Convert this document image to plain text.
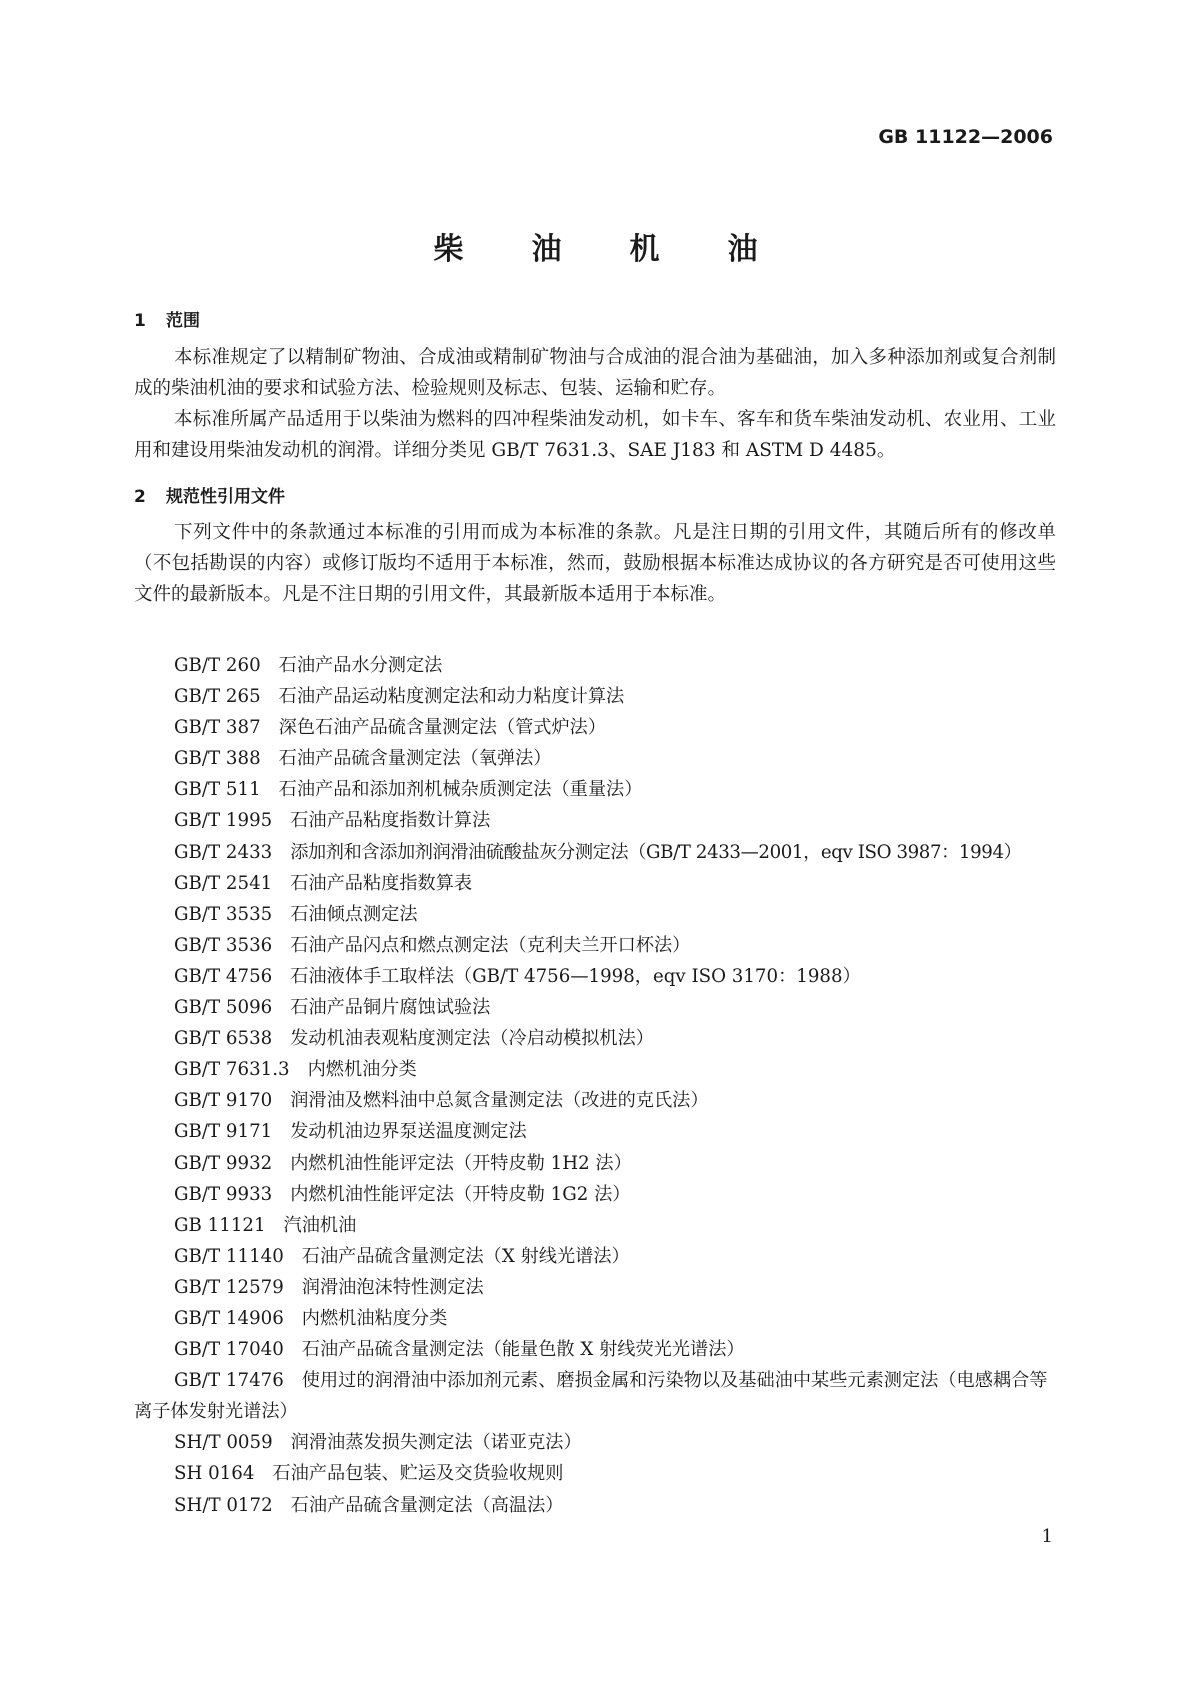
GB 11122—2006
柴油机油
1 范围
本标准规定了以精制矿物油、合成油或精制矿物油与合成油的混合油为基础油，加入多种添加剂或复合剂制成的柴油机油的要求和试验方法、检验规则及标志、包装、运输和贮存。
本标准所属产品适用于以柴油为燃料的四冲程柴油发动机，如卡车、客车和货车柴油发动机、农业用、工业用和建设用柴油发动机的润滑。详细分类见 GB/T 7631.3、SAE J183 和 ASTM D 4485。
2 规范性引用文件
下列文件中的条款通过本标准的引用而成为本标准的条款。凡是注日期的引用文件，其随后所有的修改单（不包括勘误的内容）或修订版均不适用于本标准，然而，鼓励根据本标准达成协议的各方研究是否可使用这些文件的最新版本。凡是不注日期的引用文件，其最新版本适用于本标准。
GB/T 260 石油产品水分测定法
GB/T 265 石油产品运动粘度测定法和动力粘度计算法
GB/T 387 深色石油产品硫含量测定法（管式炉法）
GB/T 388 石油产品硫含量测定法（氧弹法）
GB/T 511 石油产品和添加剂机械杂质测定法（重量法）
GB/T 1995 石油产品粘度指数计算法
GB/T 2433 添加剂和含添加剂润滑油硫酸盐灰分测定法（GB/T 2433—2001，eqv ISO 3987：1994）
GB/T 2541 石油产品粘度指数算表
GB/T 3535 石油倾点测定法
GB/T 3536 石油产品闪点和燃点测定法（克利夫兰开口杯法）
GB/T 4756 石油液体手工取样法（GB/T 4756—1998，eqv ISO 3170：1988）
GB/T 5096 石油产品铜片腐蚀试验法
GB/T 6538 发动机油表观粘度测定法（冷启动模拟机法）
GB/T 7631.3 内燃机油分类
GB/T 9170 润滑油及燃料油中总氮含量测定法（改进的克氏法）
GB/T 9171 发动机油边界泵送温度测定法
GB/T 9932 内燃机油性能评定法（开特皮勒 1H2 法）
GB/T 9933 内燃机油性能评定法（开特皮勒 1G2 法）
GB 11121 汽油机油
GB/T 11140 石油产品硫含量测定法（X 射线光谱法）
GB/T 12579 润滑油泡沫特性测定法
GB/T 14906 内燃机油粘度分类
GB/T 17040 石油产品硫含量测定法（能量色散 X 射线荧光光谱法）
GB/T 17476 使用过的润滑油中添加剂元素、磨损金属和污染物以及基础油中某些元素测定法（电感耦合等离子体发射光谱法）
SH/T 0059 润滑油蒸发损失测定法（诺亚克法）
SH 0164 石油产品包装、贮运及交货验收规则
SH/T 0172 石油产品硫含量测定法（高温法）
1
